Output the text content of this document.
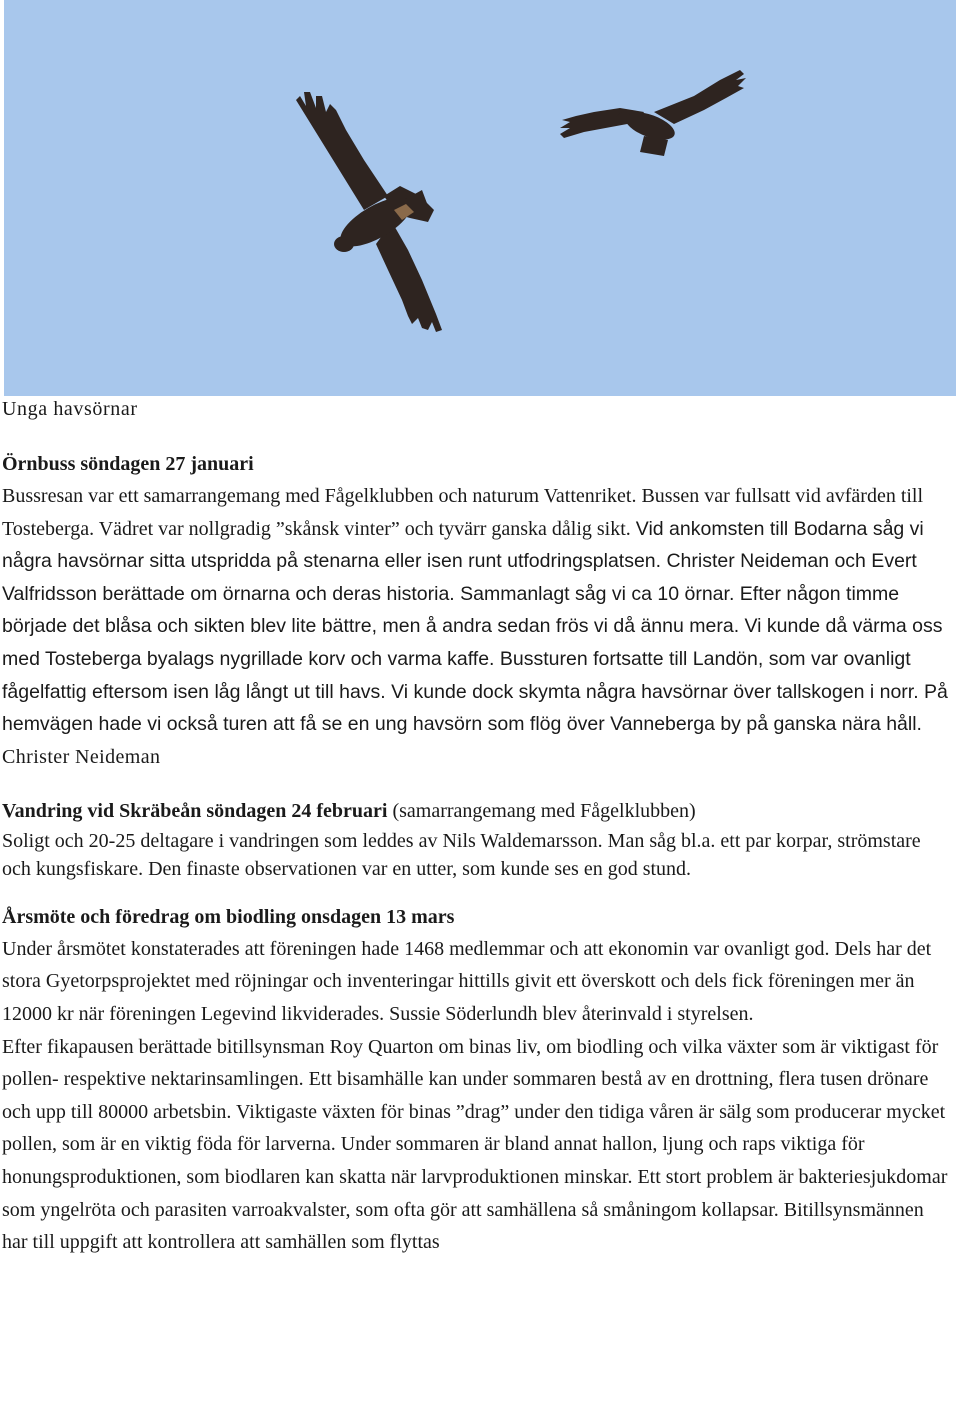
Unga havsörnar
Örnbuss söndagen 27 januari

Bussresan var ett samarrangemang med Fågelklubben och naturum Vattenriket. Bussen var fullsatt vid avfärden till Tosteberga. Vädret var nollgradig ”skånsk vinter” och tyvärr ganska dålig sikt. Vid ankomsten till Bodarna såg vi några havsörnar sitta utspridda på stenarna eller isen runt utfodringsplatsen. Christer Neideman och Evert Valfridsson berättade om örnarna och deras historia. Sammanlagt såg vi ca 10 örnar. Efter någon timme började det blåsa och sikten blev lite bättre, men å andra sedan frös vi då ännu mera. Vi kunde då värma oss med Tosteberga byalags nygrillade korv och varma kaffe. Bussturen fortsatte till Landön, som var ovanligt fågelfattig eftersom isen låg långt ut till havs. Vi kunde dock skymta några havsörnar över tallskogen i norr. På hemvägen hade vi också turen att få se en ung havsörn som flög över Vanneberga by på ganska nära håll.

Christer Neideman

Vandring vid Skräbeån söndagen 24 februari (samarrangemang med Fågelklubben)

Soligt och 20-25 deltagare i vandringen som leddes av Nils Waldemarsson. Man såg bl.a. ett par korpar, strömstare och kungsfiskare. Den finaste observationen var en utter, som kunde ses en god stund.

Årsmöte och föredrag om biodling onsdagen 13 mars

Under årsmötet konstaterades att föreningen hade 1468 medlemmar och att ekonomin var ovanligt god. Dels har det stora Gyetorpsprojektet med röjningar och inventeringar hittills givit ett överskott och dels fick föreningen mer än 12000 kr när föreningen Legevind likviderades. Sussie Söderlundh blev återinvald i styrelsen.

Efter fikapausen berättade bitillsynsman Roy Quarton om binas liv, om biodling och vilka växter som är viktigast för pollen- respektive nektarinsamlingen. Ett bisamhälle kan under sommaren bestå av en drottning, flera tusen drönare och upp till 80000 arbetsbin. Viktigaste växten för binas ”drag” under den tidiga våren är sälg som producerar mycket pollen, som är en viktig föda för larverna. Under sommaren är bland annat hallon, ljung och raps viktiga för honungsproduktionen, som biodlaren kan skatta när larvproduktionen minskar. Ett stort problem är bakteriesjukdomar som yngelröta och parasiten varroakvalster, som ofta gör att samhällena så småningom kollapsar. Bitillsynsmännen har till uppgift att kontrollera att samhällen som flyttas
